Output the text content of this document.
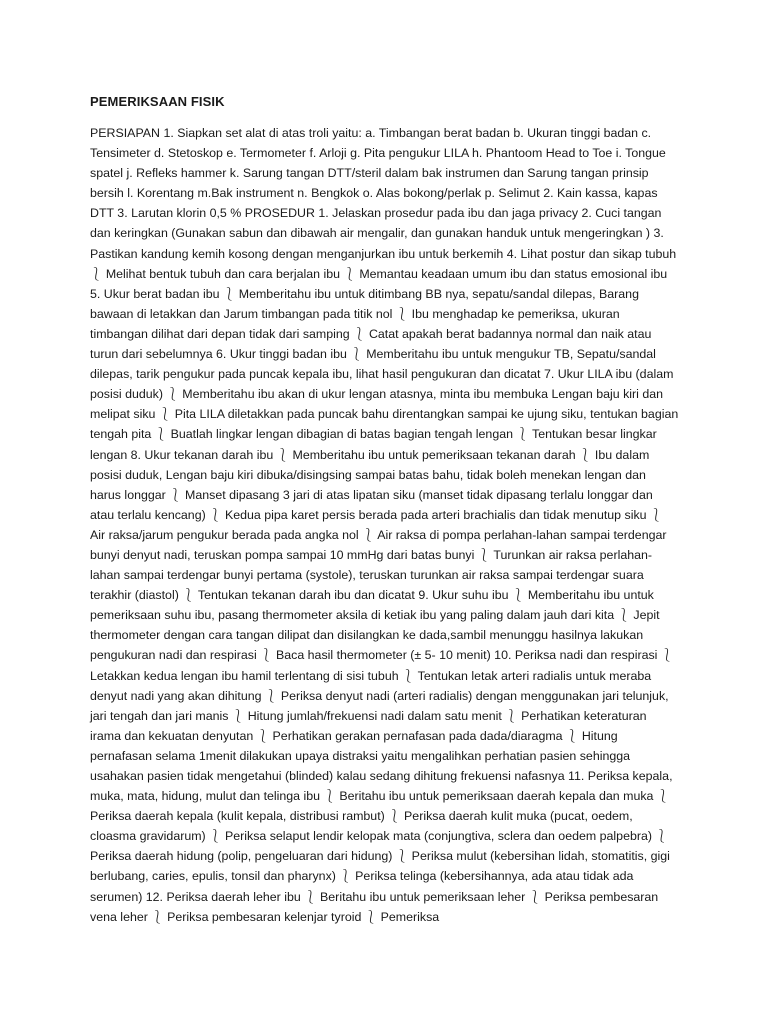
PEMERIKSAAN FISIK

PERSIAPAN 1. Siapkan set alat di atas troli yaitu: a. Timbangan berat badan b. Ukuran tinggi badan c. Tensimeter d. Stetoskop e. Termometer f. Arloji g. Pita pengukur LILA h. Phantoom Head to Toe i. Tongue spatel j. Refleks hammer k. Sarung tangan DTT/steril dalam bak instrumen dan Sarung tangan prinsip bersih l. Korentang m.Bak instrument n. Bengkok o. Alas bokong/perlak p. Selimut 2. Kain kassa, kapas DTT 3. Larutan klorin 0,5 % PROSEDUR 1. Jelaskan prosedur pada ibu dan jaga privacy 2. Cuci tangan dan keringkan (Gunakan sabun dan dibawah air mengalir, dan gunakan handuk untuk mengeringkan ) 3. Pastikan kandung kemih kosong dengan menganjurkan ibu untuk berkemih 4. Lihat postur dan sikap tubuh ⎱ Melihat bentuk tubuh dan cara berjalan ibu ⎱ Memantau keadaan umum ibu dan status emosional ibu 5. Ukur berat badan ibu ⎱ Memberitahu ibu untuk ditimbang BB nya, sepatu/sandal dilepas, Barang bawaan di letakkan dan Jarum timbangan pada titik nol ⎱ Ibu menghadap ke pemeriksa, ukuran timbangan dilihat dari depan tidak dari samping ⎱ Catat apakah berat badannya normal dan naik atau turun dari sebelumnya 6. Ukur tinggi badan ibu ⎱ Memberitahu ibu untuk mengukur TB, Sepatu/sandal dilepas, tarik pengukur pada puncak kepala ibu, lihat hasil pengukuran dan dicatat 7. Ukur LILA ibu (dalam posisi duduk) ⎱ Memberitahu ibu akan di ukur lengan atasnya, minta ibu membuka Lengan baju kiri dan melipat siku ⎱ Pita LILA diletakkan pada puncak bahu direntangkan sampai ke ujung siku, tentukan bagian tengah pita ⎱ Buatlah lingkar lengan dibagian di batas bagian tengah lengan ⎱ Tentukan besar lingkar lengan 8. Ukur tekanan darah ibu ⎱ Memberitahu ibu untuk pemeriksaan tekanan darah ⎱ Ibu dalam posisi duduk, Lengan baju kiri dibuka/disingsing sampai batas bahu, tidak boleh menekan lengan dan harus longgar ⎱ Manset dipasang 3 jari di atas lipatan siku (manset tidak dipasang terlalu longgar dan atau terlalu kencang) ⎱ Kedua pipa karet persis berada pada arteri brachialis dan tidak menutup siku ⎱ Air raksa/jarum pengukur berada pada angka nol ⎱ Air raksa di pompa perlahan-lahan sampai terdengar bunyi denyut nadi, teruskan pompa sampai 10 mmHg dari batas bunyi ⎱ Turunkan air raksa perlahan-lahan sampai terdengar bunyi pertama (systole), teruskan turunkan air raksa sampai terdengar suara terakhir (diastol) ⎱ Tentukan tekanan darah ibu dan dicatat 9. Ukur suhu ibu ⎱ Memberitahu ibu untuk pemeriksaan suhu ibu, pasang thermometer aksila di ketiak ibu yang paling dalam jauh dari kita ⎱ Jepit thermometer dengan cara tangan dilipat dan disilangkan ke dada,sambil menunggu hasilnya lakukan pengukuran nadi dan respirasi ⎱ Baca hasil thermometer (± 5- 10 menit) 10. Periksa nadi dan respirasi ⎱ Letakkan kedua lengan ibu hamil terlentang di sisi tubuh ⎱ Tentukan letak arteri radialis untuk meraba denyut nadi yang akan dihitung ⎱ Periksa denyut nadi (arteri radialis) dengan menggunakan jari telunjuk, jari tengah dan jari manis ⎱ Hitung jumlah/frekuensi nadi dalam satu menit ⎱ Perhatikan keteraturan irama dan kekuatan denyutan ⎱ Perhatikan gerakan pernafasan pada dada/diaragma ⎱ Hitung pernafasan selama 1menit dilakukan upaya distraksi yaitu mengalihkan perhatian pasien sehingga usahakan pasien tidak mengetahui (blinded) kalau sedang dihitung frekuensi nafasnya 11. Periksa kepala, muka, mata, hidung, mulut dan telinga ibu ⎱ Beritahu ibu untuk pemeriksaan daerah kepala dan muka ⎱ Periksa daerah kepala (kulit kepala, distribusi rambut) ⎱ Periksa daerah kulit muka (pucat, oedem, cloasma gravidarum) ⎱ Periksa selaput lendir kelopak mata (conjungtiva, sclera dan oedem palpebra) ⎱ Periksa daerah hidung (polip, pengeluaran dari hidung) ⎱ Periksa mulut (kebersihan lidah, stomatitis, gigi berlubang, caries, epulis, tonsil dan pharynx) ⎱ Periksa telinga (kebersihannya, ada atau tidak ada serumen) 12. Periksa daerah leher ibu ⎱ Beritahu ibu untuk pemeriksaan leher ⎱ Periksa pembesaran vena leher ⎱ Periksa pembesaran kelenjar tyroid ⎱ Pemeriksa
